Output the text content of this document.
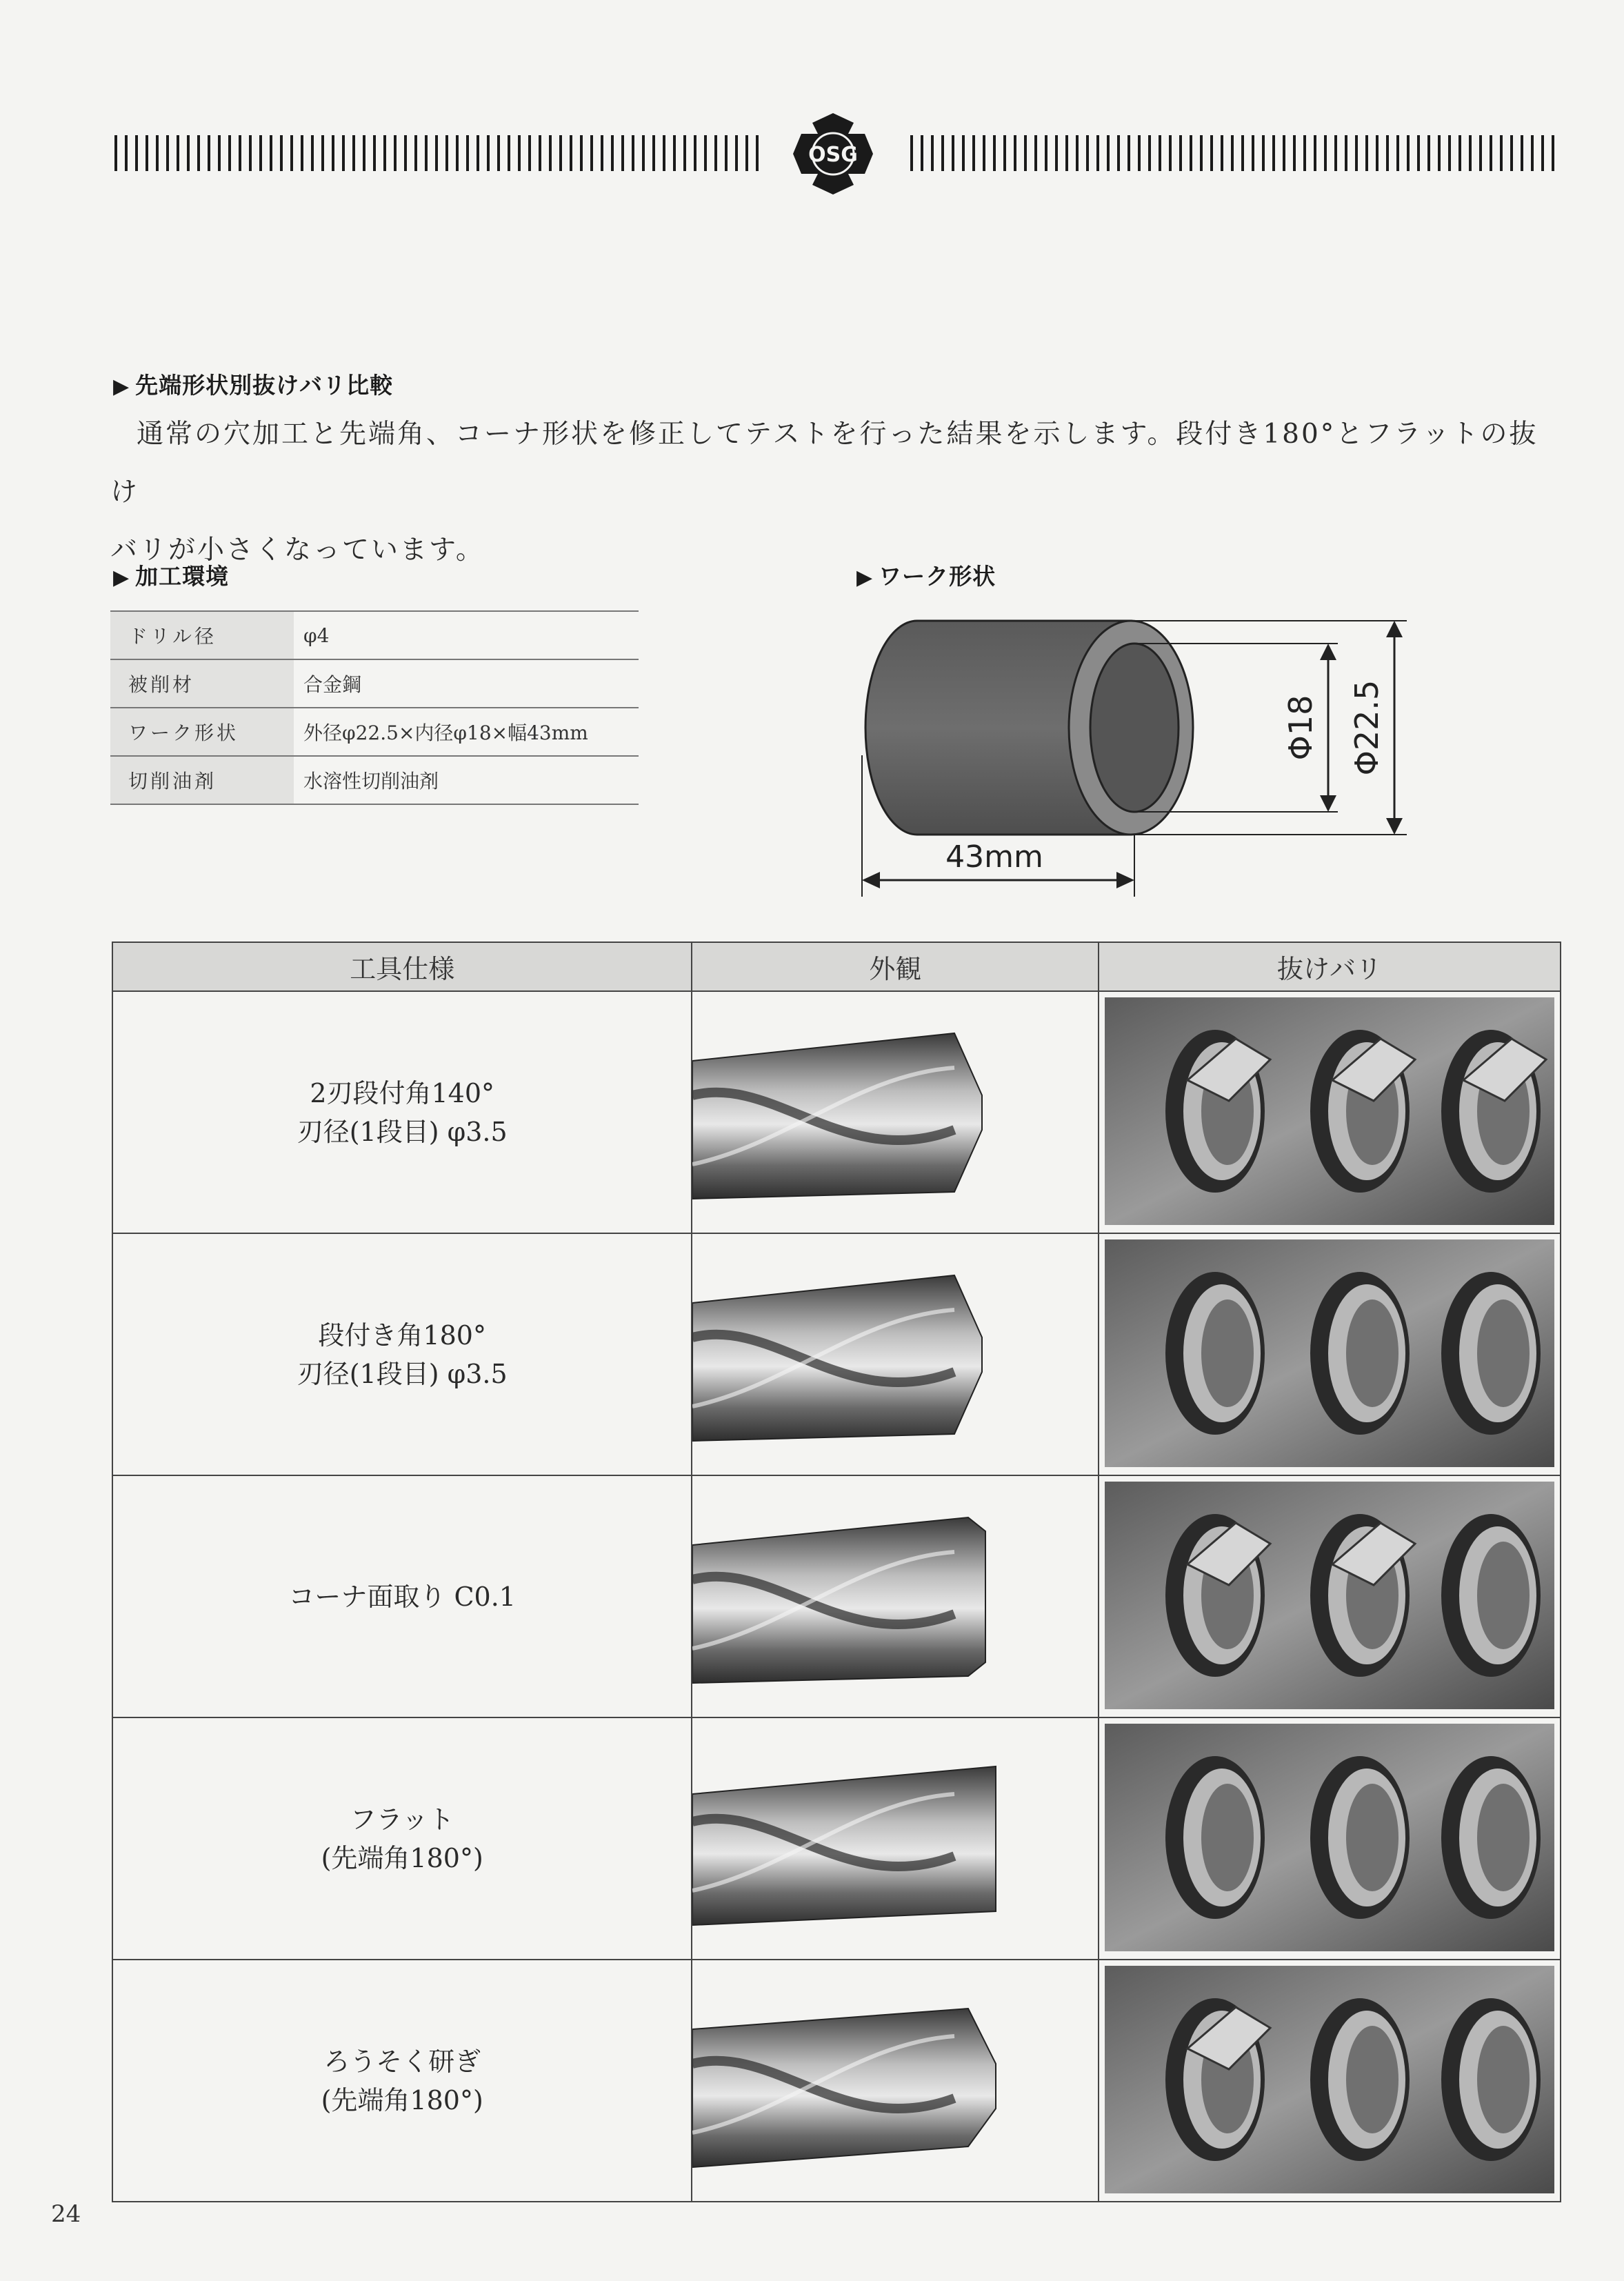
OSG
▶ 先端形状別抜けバリ比較
通常の穴加工と先端角、コーナ形状を修正してテストを行った結果を示します。段付き180°とフラットの抜け
バリが小さくなっています。
▶ 加工環境
ドリル径	φ4
被削材	合金鋼
ワーク形状	外径φ22.5×内径φ18×幅43mm
切削油剤	水溶性切削油剤
▶ ワーク形状
Φ18 Φ22.5
43mm
工具仕様	外観	抜けバリ

2刃段付角140°
刃径(1段目) φ3.5

段付き角180°
刃径(1段目) φ3.5

コーナ面取り C0.1

フラット
(先端角180°)

ろうそく研ぎ
(先端角180°)

24
